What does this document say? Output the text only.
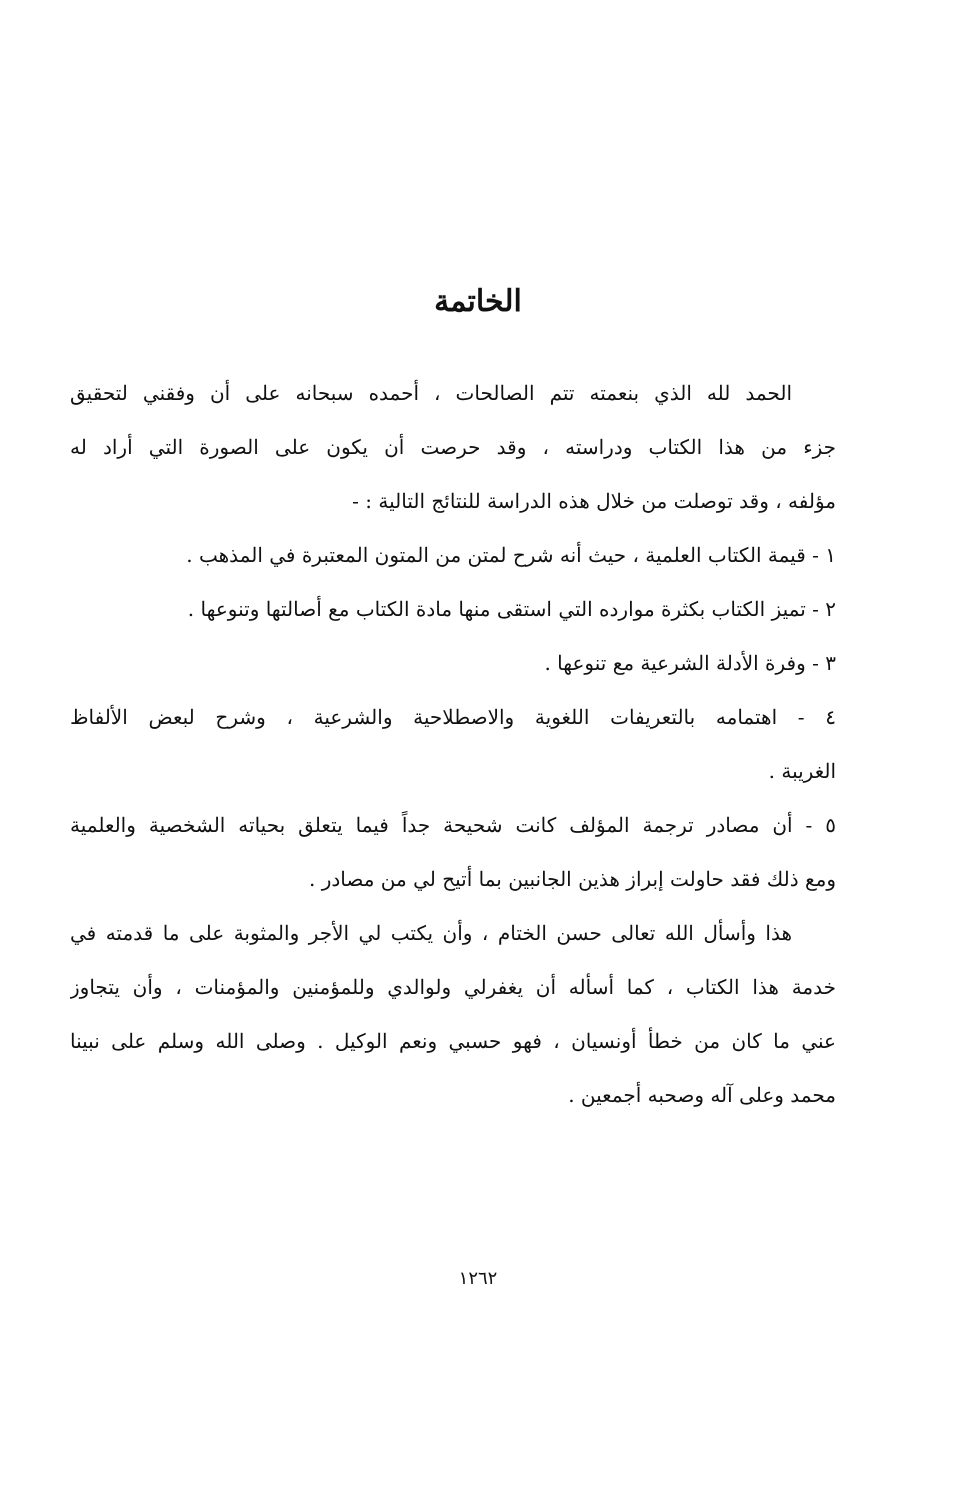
الخاتمة
الحمد لله الذي بنعمته تتم الصالحات ، أحمده سبحانه على أن وفقني لتحقيق
جزء من هذا الكتاب ودراسته ، وقد حرصت أن يكون على الصورة التي أراد له
مؤلفه ، وقد توصلت من خلال هذه الدراسة للنتائج التالية : -
١ - قيمة الكتاب العلمية ، حيث أنه شرح لمتن من المتون المعتبرة في المذهب .
٢ - تميز الكتاب بكثرة موارده التي استقى منها مادة الكتاب مع أصالتها وتنوعها .
٣ - وفرة الأدلة الشرعية مع تنوعها .
٤ - اهتمامه بالتعريفات اللغوية والاصطلاحية والشرعية ، وشرح لبعض الألفاظ
الغريبة .
٥ - أن مصادر ترجمة المؤلف كانت شحيحة جداً فيما يتعلق بحياته الشخصية والعلمية
ومع ذلك فقد حاولت إبراز هذين الجانبين بما أتيح لي من مصادر .
هذا وأسأل الله تعالى حسن الختام ، وأن يكتب لي الأجر والمثوبة على ما قدمته في
خدمة هذا الكتاب ، كما أسأله أن يغفرلي ولوالدي وللمؤمنين والمؤمنات ، وأن يتجاوز
عني ما كان من خطأ أونسيان ، فهو حسبي ونعم الوكيل . وصلى الله وسلم على نبينا
محمد وعلى آله وصحبه أجمعين .
١٢٦٢
